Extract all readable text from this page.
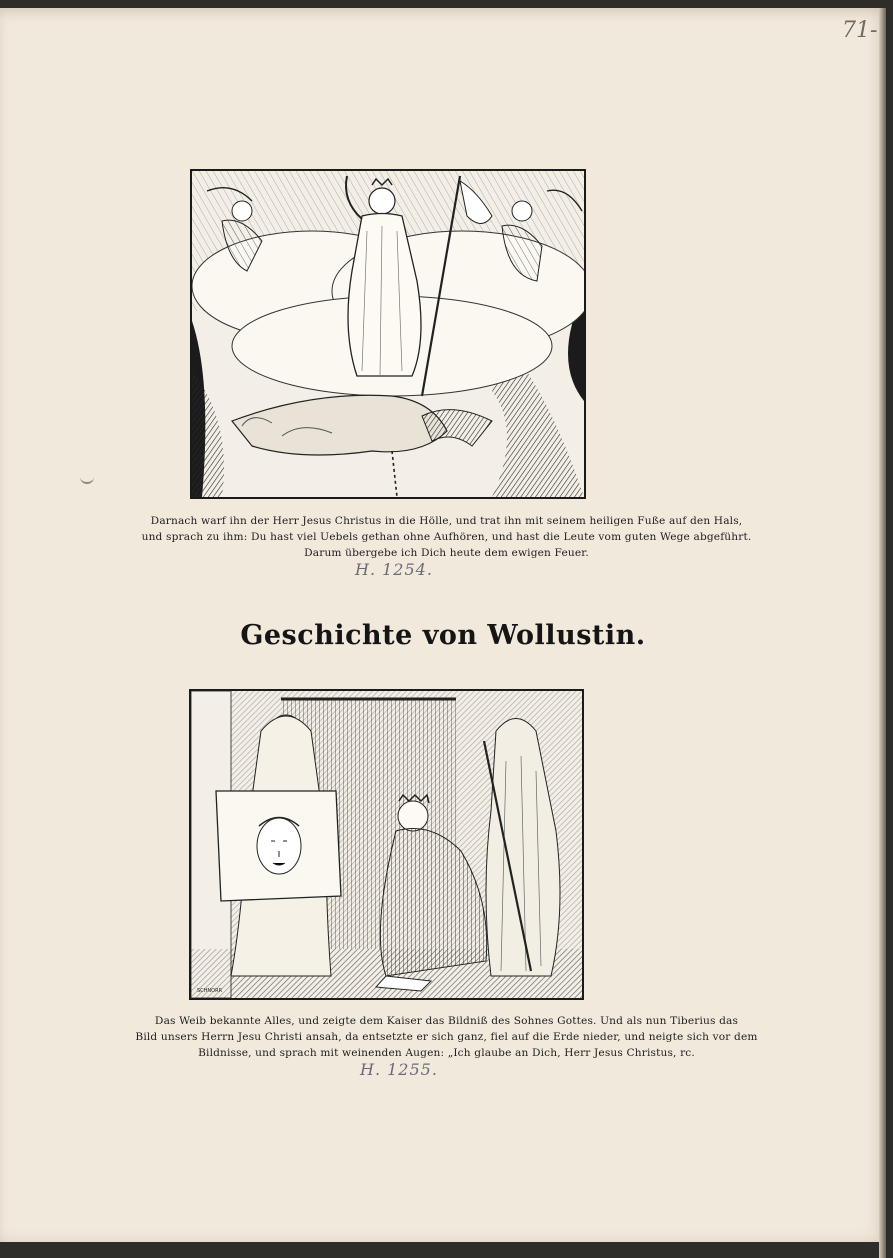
71-
Darnach warf ihn der Herr Jesus Christus in die Hölle, und trat ihn mit seinem heiligen Fuße auf den Hals,
und sprach zu ihm: Du hast viel Uebels gethan ohne Aufhören, und hast die Leute vom guten Wege abgeführt.
Darum übergebe ich Dich heute dem ewigen Feuer.
H. 1254.
Geschichte von Wollustin.
SCHNORR
Das Weib bekannte Alles, und zeigte dem Kaiser das Bildniß des Sohnes Gottes. Und als nun Tiberius das
Bild unsers Herrn Jesu Christi ansah, da entsetzte er sich ganz, fiel auf die Erde nieder, und neigte sich vor dem
Bildnisse, und sprach mit weinenden Augen: „Ich glaube an Dich, Herr Jesus Christus, rc.
H. 1255.
